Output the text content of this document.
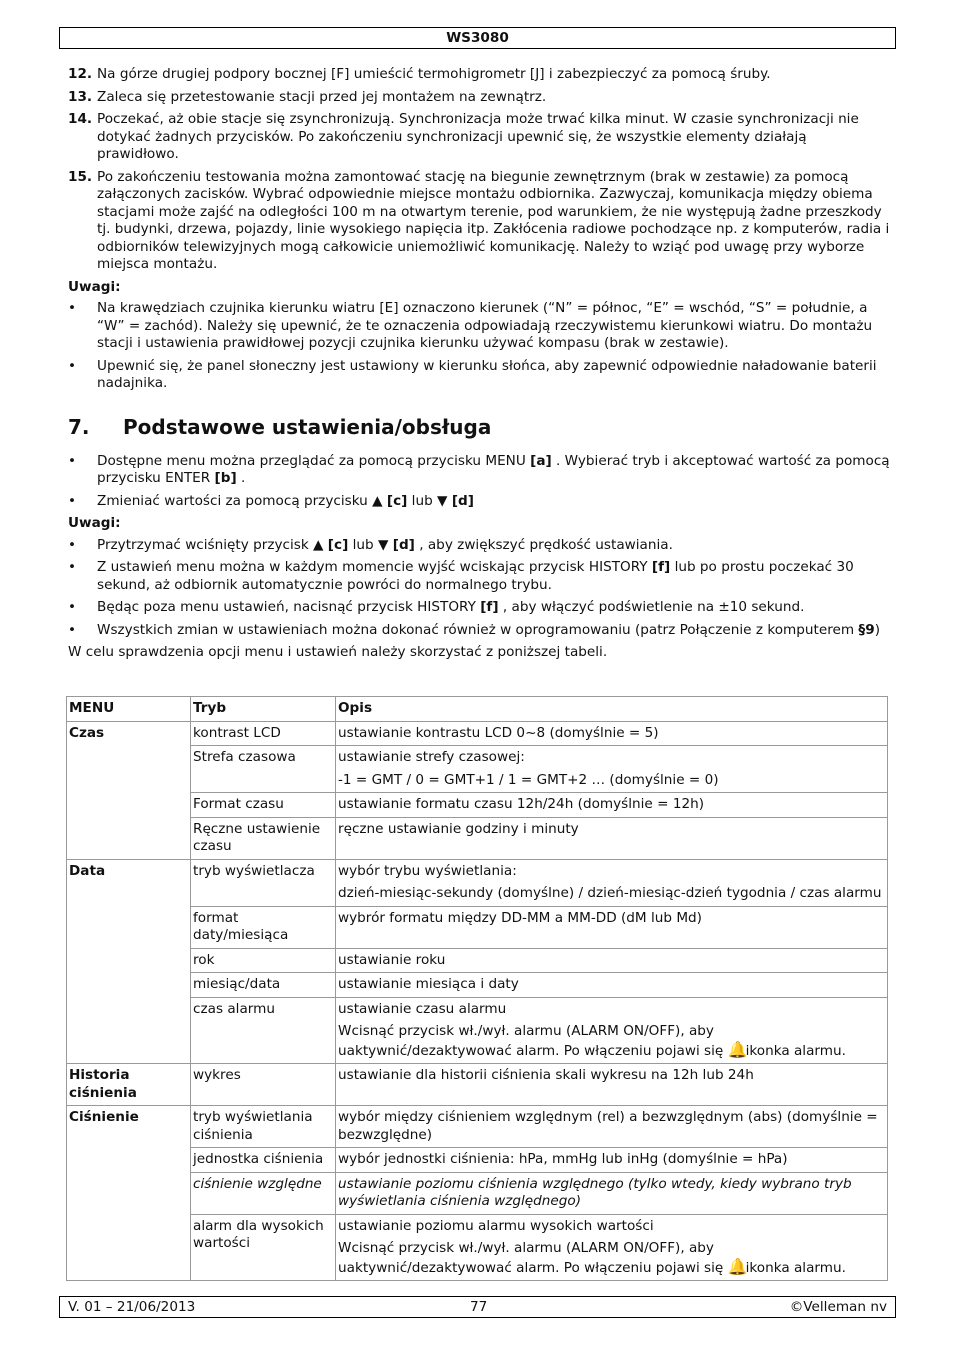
WS3080
12. Na górze drugiej podpory bocznej [F] umieścić termohigrometr [J] i zabezpieczyć za pomocą śruby.
13. Zaleca się przetestowanie stacji przed jej montażem na zewnątrz.
14. Poczekać, aż obie stacje się zsynchronizują. Synchronizacja może trwać kilka minut. W czasie synchronizacji nie dotykać żadnych przycisków. Po zakończeniu synchronizacji upewnić się, że wszystkie elementy działają prawidłowo.
15. Po zakończeniu testowania można zamontować stację na biegunie zewnętrznym (brak w zestawie) za pomocą załączonych zacisków. Wybrać odpowiednie miejsce montażu odbiornika. Zazwyczaj, komunikacja między obiema stacjami może zajść na odległości 100 m na otwartym terenie, pod warunkiem, że nie występują żadne przeszkody tj. budynki, drzewa, pojazdy, linie wysokiego napięcia itp. Zakłócenia radiowe pochodzące np. z komputerów, radia i odbiorników telewizyjnych mogą całkowicie uniemożliwić komunikację. Należy to wziąć pod uwagę przy wyborze miejsca montażu.
Uwagi:
•	Na krawędziach czujnika kierunku wiatru [E] oznaczono kierunek (“N” = północ, “E” = wschód, “S” = południe, a “W” = zachód). Należy się upewnić, że te oznaczenia odpowiadają rzeczywistemu kierunkowi wiatru. Do montażu stacji i ustawienia prawidłowej pozycji czujnika kierunku używać kompasu (brak w zestawie).
•	Upewnić się, że panel słoneczny jest ustawiony w kierunku słońca, aby zapewnić odpowiednie naładowanie baterii nadajnika.
7.	Podstawowe ustawienia/obsługa
•	Dostępne menu można przeglądać za pomocą przycisku MENU [a] . Wybierać tryb i akceptować wartość za pomocą przycisku ENTER [b] .
•	Zmieniać wartości za pomocą przycisku ▲ [c] lub ▼ [d]
Uwagi:
•	Przytrzymać wciśnięty przycisk ▲ [c] lub ▼ [d] , aby zwiększyć prędkość ustawiania.
•	Z ustawień menu można w każdym momencie wyjść wciskając przycisk HISTORY [f] lub po prostu poczekać 30 sekund, aż odbiornik automatycznie powróci do normalnego trybu.
•	Będąc poza menu ustawień, nacisnąć przycisk HISTORY [f] , aby włączyć podświetlenie na ±10 sekund.
•	Wszystkich zmian w ustawieniach można dokonać również w oprogramowaniu (patrz Połączenie z komputerem §9)
W celu sprawdzenia opcji menu i ustawień należy skorzystać z poniższej tabeli.
MENU	Tryb	Opis
Czas	kontrast LCD	ustawianie kontrastu LCD 0~8 (domyślnie = 5)
	Strefa czasowa	ustawianie strefy czasowej:

-1 = GMT / 0 = GMT+1 / 1 = GMT+2 … (domyślnie = 0)

	Format czasu	ustawianie formatu czasu 12h/24h (domyślnie = 12h)
	Ręczne ustawienie czasu	ręczne ustawianie godziny i minuty
Data	tryb wyświetlacza	wybór trybu wyświetlania:

dzień-miesiąc-sekundy (domyślne) / dzień-miesiąc-dzień tygodnia / czas alarmu

	format daty/miesiąca	wybrór formatu między DD-MM a MM-DD (dM lub Md)
	rok	ustawianie roku
	miesiąc/data	ustawianie miesiąca i daty
	czas alarmu	ustawianie czasu alarmu

Wcisnąć przycisk wł./wył. alarmu (ALARM ON/OFF), aby

uaktywnić/dezaktywować alarm. Po włączeniu pojawi się 🔔ikonka alarmu.

Historia ciśnienia	wykres	ustawianie dla historii ciśnienia skali wykresu na 12h lub 24h
Ciśnienie	tryb wyświetlania ciśnienia	wybór między ciśnieniem względnym (rel) a bezwzględnym (abs) (domyślnie = bezwzględne)
	jednostka ciśnienia	wybór jednostki ciśnienia: hPa, mmHg lub inHg (domyślnie = hPa)
	ciśnienie względne	ustawianie poziomu ciśnienia względnego (tylko wtedy, kiedy wybrano tryb wyświetlania ciśnienia względnego)
	alarm dla wysokich wartości	ustawianie poziomu alarmu wysokich wartości

Wcisnąć przycisk wł./wył. alarmu (ALARM ON/OFF), aby

uaktywnić/dezaktywować alarm. Po włączeniu pojawi się 🔔ikonka alarmu.
V. 01 – 21/06/2013	77	©Velleman nv
